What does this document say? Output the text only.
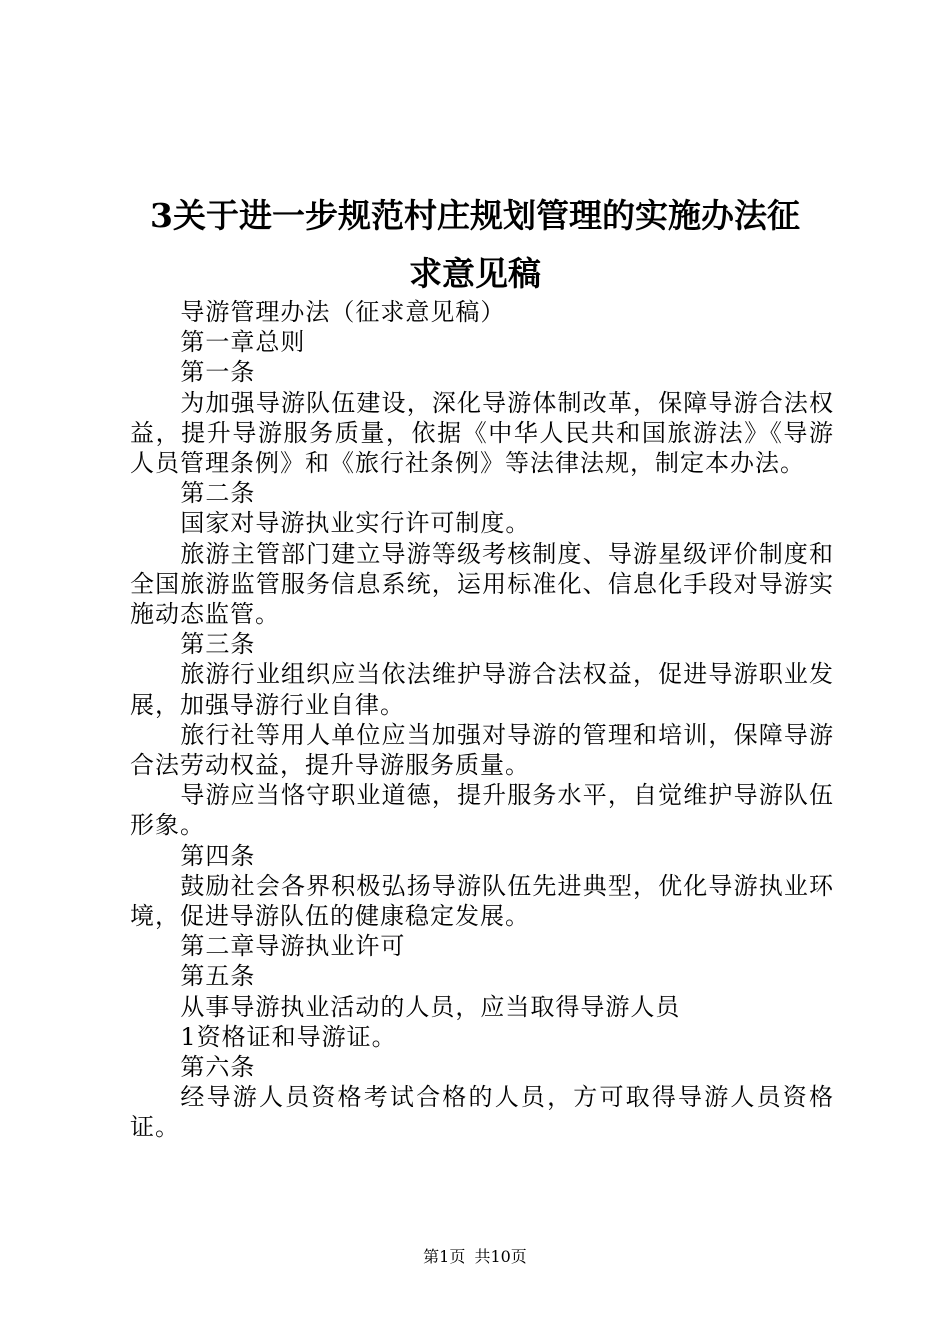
3关于进一步规范村庄规划管理的实施办法征
求意见稿

导游管理办法（征求意见稿）

第一章总则

第一条

为加强导游队伍建设，深化导游体制改革，保障导游合法权益，提升导游服务质量，依据《中华人民共和国旅游法》《导游人员管理条例》和《旅行社条例》等法律法规，制定本办法。

第二条

国家对导游执业实行许可制度。

旅游主管部门建立导游等级考核制度、导游星级评价制度和全国旅游监管服务信息系统，运用标准化、信息化手段对导游实施动态监管。

第三条

旅游行业组织应当依法维护导游合法权益，促进导游职业发展，加强导游行业自律。

旅行社等用人单位应当加强对导游的管理和培训，保障导游合法劳动权益，提升导游服务质量。

导游应当恪守职业道德，提升服务水平，自觉维护导游队伍形象。

第四条

鼓励社会各界积极弘扬导游队伍先进典型，优化导游执业环境，促进导游队伍的健康稳定发展。

第二章导游执业许可

第五条

从事导游执业活动的人员，应当取得导游人员

1资格证和导游证。

第六条

经导游人员资格考试合格的人员，方可取得导游人员资格证。

第1页 共10页
